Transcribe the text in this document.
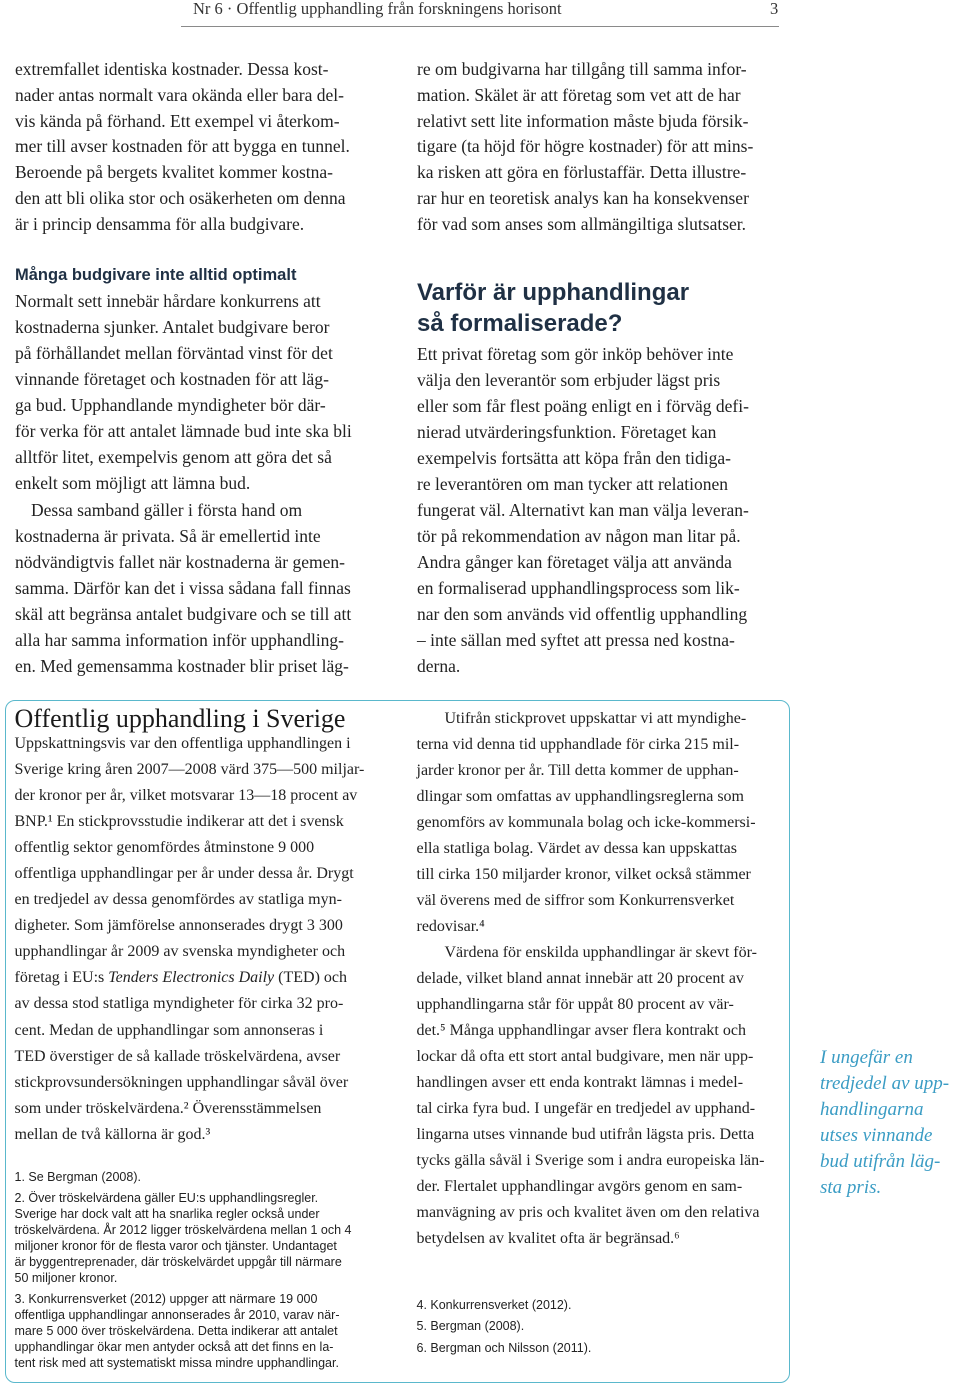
Nr 6 · Offentlig upphandling från forskningens horisont	3
extremfallet identiska kostnader. Dessa kost-
nader antas normalt vara okända eller bara del-
vis kända på förhand. Ett exempel vi återkom-
mer till avser kostnaden för att bygga en tunnel.
Beroende på bergets kvalitet kommer kostna-
den att bli olika stor och osäkerheten om denna
är i princip densamma för alla budgivare.
Många budgivare inte alltid optimalt
Normalt sett innebär hårdare konkurrens att
kostnaderna sjunker. Antalet budgivare beror
på förhållandet mellan förväntad vinst för det
vinnande företaget och kostnaden för att läg-
ga bud. Upphandlande myndigheter bör där-
för verka för att antalet lämnade bud inte ska bli
alltför litet, exempelvis genom att göra det så
enkelt som möjligt att lämna bud.
Dessa samband gäller i första hand om
kostnaderna är privata. Så är emellertid inte
nödvändigtvis fallet när kostnaderna är gemen-
samma. Därför kan det i vissa sådana fall finnas
skäl att begränsa antalet budgivare och se till att
alla har samma information inför upphandling-
en. Med gemensamma kostnader blir priset läg-
re om budgivarna har tillgång till samma infor-
mation. Skälet är att företag som vet att de har
relativt sett lite information måste bjuda försik-
tigare (ta höjd för högre kostnader) för att mins-
ka risken att göra en förlustaffär. Detta illustre-
rar hur en teoretisk analys kan ha konsekvenser
för vad som anses som allmängiltiga slutsatser.
Varför är upphandlingar
så formaliserade?
Ett privat företag som gör inköp behöver inte
välja den leverantör som erbjuder lägst pris
eller som får flest poäng enligt en i förväg defi-
nierad utvärderingsfunktion. Företaget kan
exempelvis fortsätta att köpa från den tidiga-
re leverantören om man tycker att relationen
fungerat väl. Alternativt kan man välja leveran-
tör på rekommendation av någon man litar på.
Andra gånger kan företaget välja att använda
en formaliserad upphandlingsprocess som lik-
nar den som används vid offentlig upphandling
– inte sällan med syftet att pressa ned kostna-
derna.
Offentlig upphandling i Sverige
Uppskattningsvis var den offentliga upphandlingen i
Sverige kring åren 2007—2008 värd 375—500 miljar-
der kronor per år, vilket motsvarar 13—18 procent av
BNP.¹ En stickprovsstudie indikerar att det i svensk
offentlig sektor genomfördes åtminstone 9 000
offentliga upphandlingar per år under dessa år. Drygt
en tredjedel av dessa genomfördes av statliga myn-
digheter. Som jämförelse annonserades drygt 3 300
upphandlingar år 2009 av svenska myndigheter och
företag i EU:s Tenders Electronics Daily (TED) och
av dessa stod statliga myndigheter för cirka 32 pro-
cent. Medan de upphandlingar som annonseras i
TED överstiger de så kallade tröskelvärdena, avser
stickprovsundersökningen upphandlingar såväl över
som under tröskelvärdena.² Överensstämmelsen
mellan de två källorna är god.³
1. Se Bergman (2008).
2. Över tröskelvärdena gäller EU:s upphandlingsregler.
Sverige har dock valt att ha snarlika regler också under
tröskelvärdena. År 2012 ligger tröskelvärdena mellan 1 och 4
miljoner kronor för de flesta varor och tjänster. Undantaget
är byggentreprenader, där tröskelvärdet uppgår till närmare
50 miljoner kronor.
3. Konkurrensverket (2012) uppger att närmare 19 000
offentliga upphandlingar annonserades år 2010, varav när-
mare 5 000 över tröskelvärdena. Detta indikerar att antalet
upphandlingar ökar men antyder också att det finns en la-
tent risk med att systematiskt missa mindre upphandlingar.
Utifrån stickprovet uppskattar vi att myndighe-
terna vid denna tid upphandlade för cirka 215 mil-
jarder kronor per år. Till detta kommer de upphan-
dlingar som omfattas av upphandlingsreglerna som
genomförs av kommunala bolag och icke-kommersi-
ella statliga bolag. Värdet av dessa kan uppskattas
till cirka 150 miljarder kronor, vilket också stämmer
väl överens med de siffror som Konkurrensverket
redovisar.⁴
Värdena för enskilda upphandlingar är skevt för-
delade, vilket bland annat innebär att 20 procent av
upphandlingarna står för uppåt 80 procent av vär-
det.⁵ Många upphandlingar avser flera kontrakt och
lockar då ofta ett stort antal budgivare, men när upp-
handlingen avser ett enda kontrakt lämnas i medel-
tal cirka fyra bud. I ungefär en tredjedel av upphand-
lingarna utses vinnande bud utifrån lägsta pris. Detta
tycks gälla såväl i Sverige som i andra europeiska län-
der. Flertalet upphandlingar avgörs genom en sam-
manvägning av pris och kvalitet även om den relativa
betydelsen av kvalitet ofta är begränsad.⁶
4. Konkurrensverket (2012).
5. Bergman (2008).
6. Bergman och Nilsson (2011).
I ungefär en
tredjedel av upp-
handlingarna
utses vinnande
bud utifrån läg-
sta pris.
